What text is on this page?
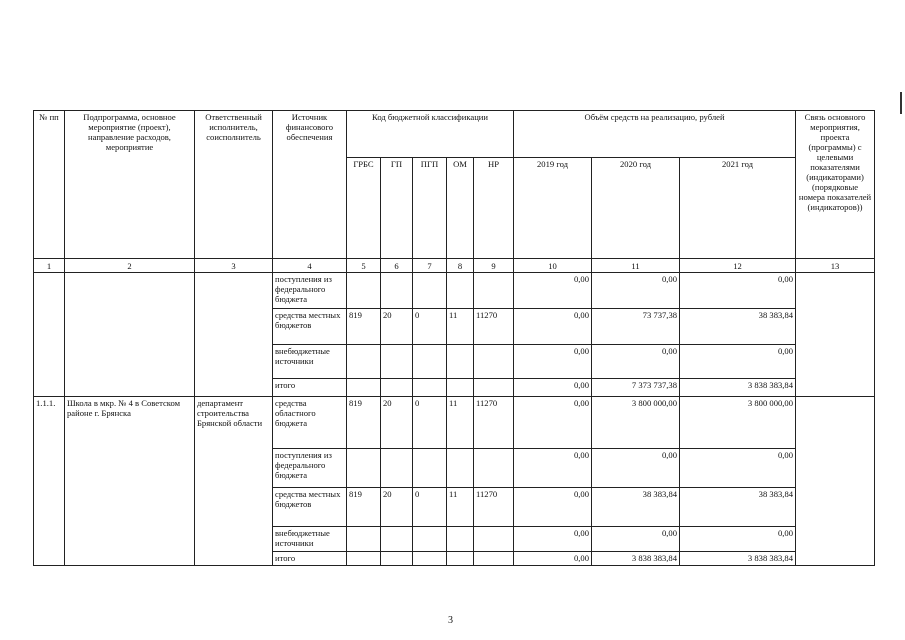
№ пп	Подпрограмма, основное мероприятие (проект), направление расходов, мероприятие	Ответственный исполнитель, соисполнитель	Источник финансового обеспечения	Код бюджетной классификации					Объём средств на реализацию, рублей			Связь основного мероприятия, проекта (программы) с целевыми показателями (индикаторами) (порядковые номера показателей (индикаторов))
				ГРБС	ГП	ПГП	ОМ	НР	2019 год	2020 год	2021 год	
1	2	3	4	5	6	7	8	9	10	11	12	13
			поступления из федерального бюджета						0,00	0,00	0,00	
			средства местных бюджетов	819	20	0	11	11270	0,00	73 737,38	38 383,84	
			внебюджетные источники						0,00	0,00	0,00	
			итого						0,00	7 373 737,38	3 838 383,84	
1.1.1.	Школа в мкр. № 4 в Советском районе г. Брянска	департамент строительства Брянской области	средства областного бюджета	819	20	0	11	11270	0,00	3 800 000,00	3 800 000,00	
			поступления из федерального бюджета						0,00	0,00	0,00	
			средства местных бюджетов	819	20	0	11	11270	0,00	38 383,84	38 383,84	
			внебюджетные источники						0,00	0,00	0,00	
			итого						0,00	3 838 383,84	3 838 383,84	
3
